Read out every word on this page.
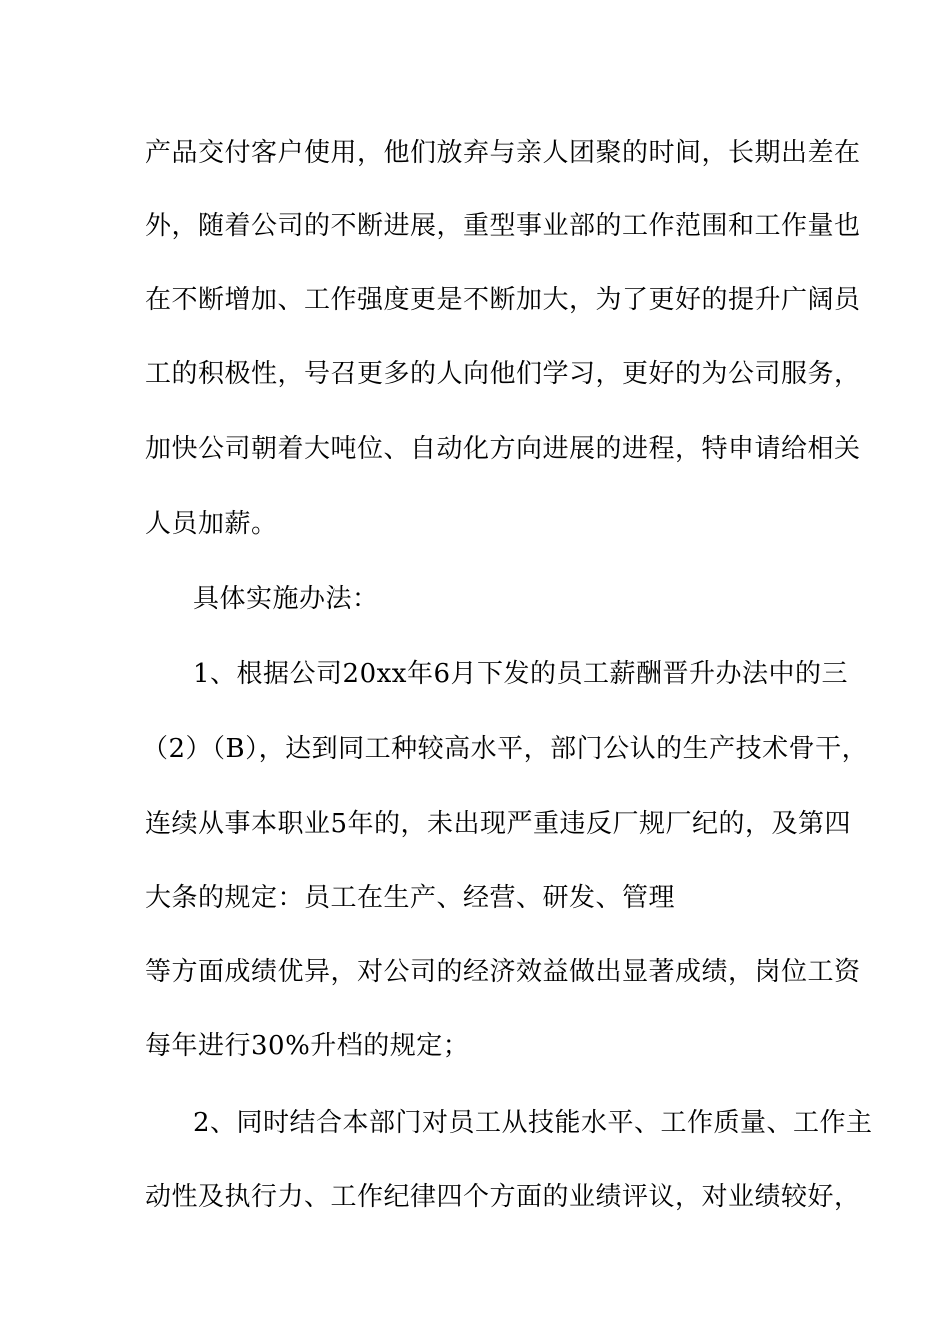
产品交付客户使用，他们放弃与亲人团聚的时间，长期出差在
外，随着公司的不断进展，重型事业部的工作范围和工作量也
在不断增加、工作强度更是不断加大，为了更好的提升广阔员
工的积极性，号召更多的人向他们学习，更好的为公司服务，
加快公司朝着大吨位、自动化方向进展的进程，特申请给相关
人员加薪。
具体实施办法：
1、根据公司20xx年6月下发的员工薪酬晋升办法中的三
（2）（B），达到同工种较高水平，部门公认的生产技术骨干，
连续从事本职业5年的，未出现严重违反厂规厂纪的，及第四
大条的规定：员工在生产、经营、研发、管理
等方面成绩优异，对公司的经济效益做出显著成绩，岗位工资
每年进行30%升档的规定；
2、同时结合本部门对员工从技能水平、工作质量、工作主
动性及执行力、工作纪律四个方面的业绩评议，对业绩较好，
